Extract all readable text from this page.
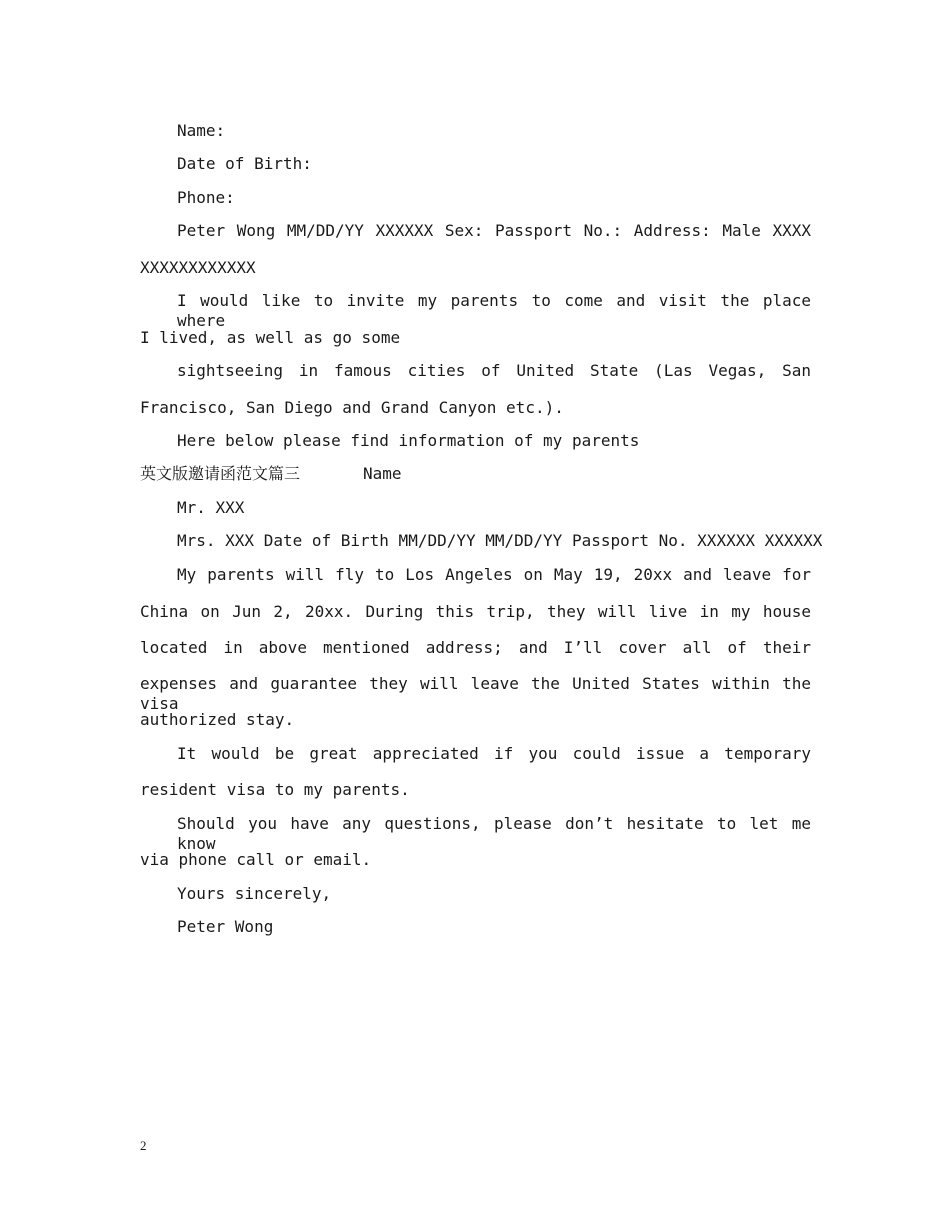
Name:
Date of Birth:
Phone:
Peter Wong MM/DD/YY XXXXXX Sex: Passport No.: Address: Male XXXX
XXXXXXXXXXXX
I would like to invite my parents to come and visit the place where
I lived, as well as go some
sightseeing in famous cities of United State (Las Vegas, San
Francisco, San Diego and Grand Canyon etc.).
Here below please find information of my parents
英文版邀请函范文篇三	Name
Mr. XXX
Mrs. XXX Date of Birth MM/DD/YY MM/DD/YY Passport No. XXXXXX XXXXXX
My parents will fly to Los Angeles on May 19, 20xx and leave for
China on Jun 2, 20xx. During this trip, they will live in my house
located in above mentioned address; and I’ll cover all of their
expenses and guarantee they will leave the United States within the visa
authorized stay.
It would be great appreciated if you could issue a temporary
resident visa to my parents.
Should you have any questions, please don’t hesitate to let me know
via phone call or email.
Yours sincerely,
Peter Wong
2
